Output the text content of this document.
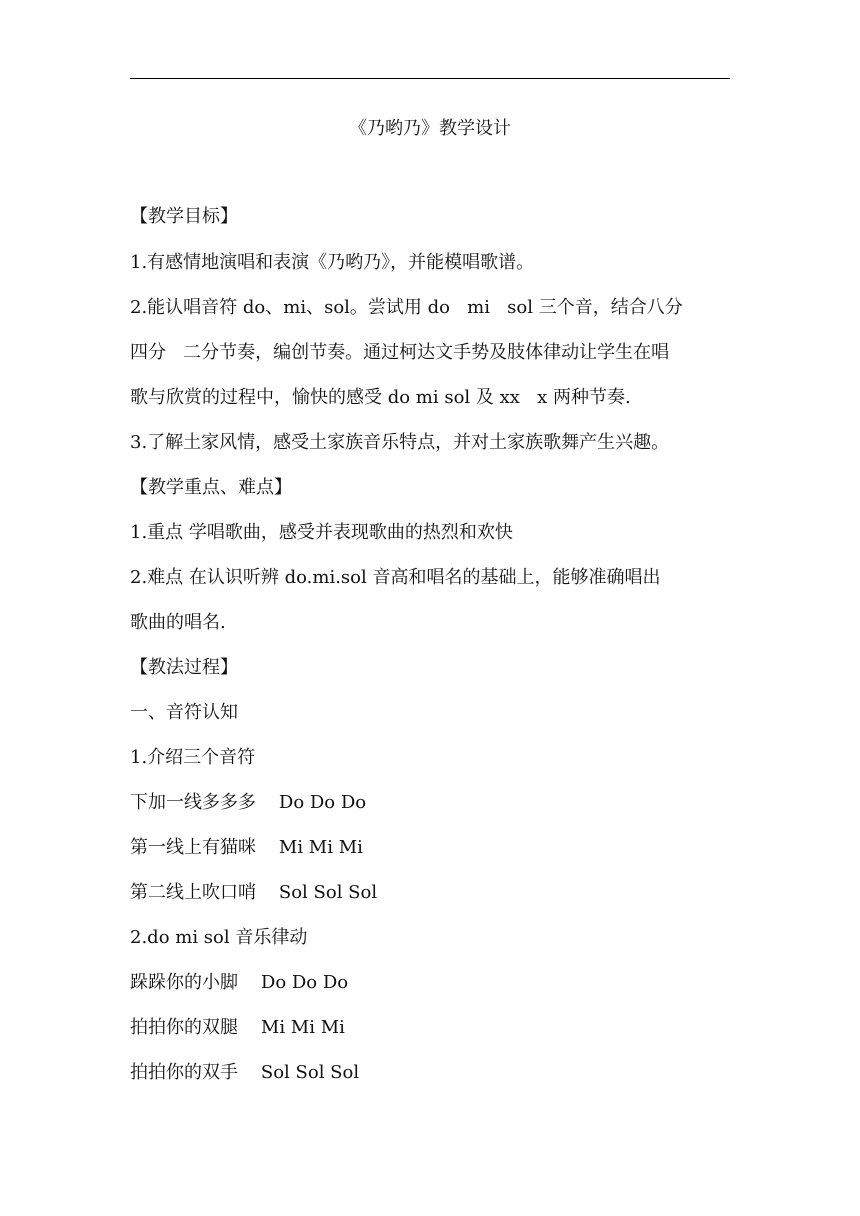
《乃哟乃》教学设计
【教学目标】
1.有感情地演唱和表演《乃哟乃》，并能模唱歌谱。
2.能认唱音符 do、mi、sol。尝试用 do   mi   sol 三个音，结合八分
四分   二分节奏，编创节奏。通过柯达文手势及肢体律动让学生在唱
歌与欣赏的过程中，愉快的感受 do mi sol 及 xx   x 两种节奏.
3.了解土家风情，感受土家族音乐特点，并对土家族歌舞产生兴趣。
【教学重点、难点】
1.重点 学唱歌曲，感受并表现歌曲的热烈和欢快
2.难点 在认识听辨 do.mi.sol 音高和唱名的基础上，能够准确唱出
歌曲的唱名.
【教法过程】
一、音符认知
1.介绍三个音符
下加一线多多多    Do Do Do
第一线上有猫咪    Mi Mi Mi
第二线上吹口哨    Sol Sol Sol
2.do mi sol 音乐律动
跺跺你的小脚    Do Do Do
拍拍你的双腿    Mi Mi Mi
拍拍你的双手    Sol Sol Sol
